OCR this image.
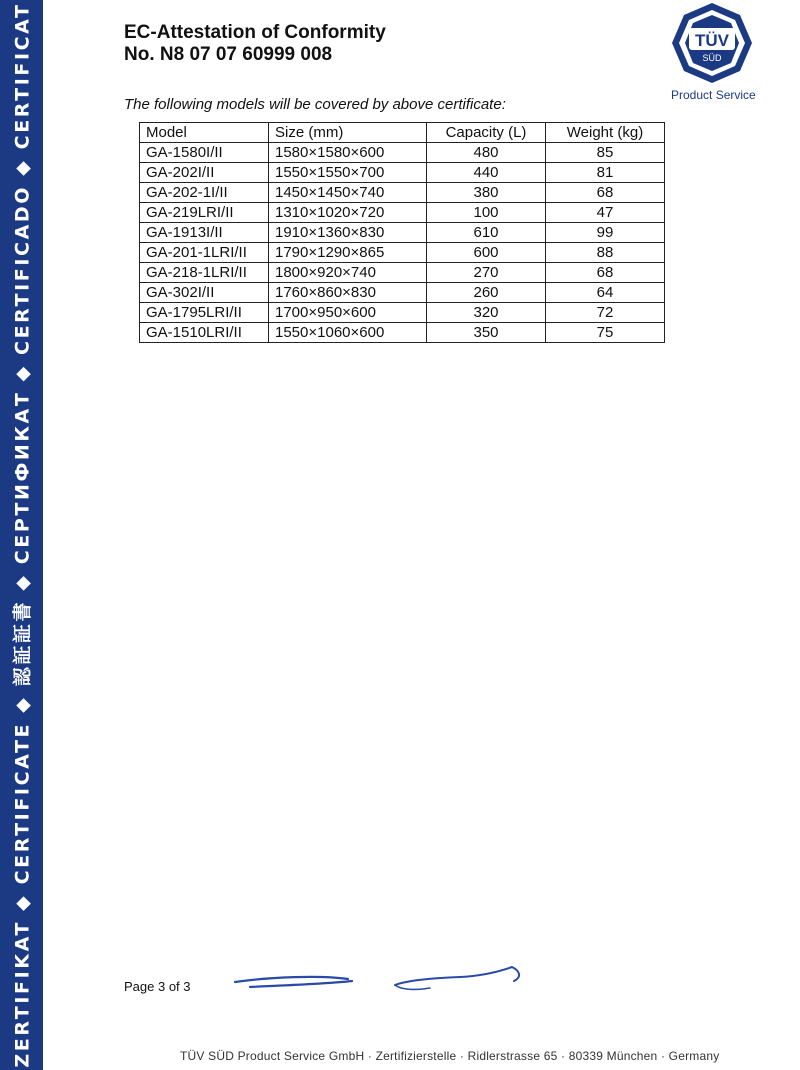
ZERTIFIKAT ◆ CERTIFICATE ◆ 認証証書 ◆ СЕРТИФИКАТ ◆ CERTIFICADO ◆ CERTIFICAT	EC-Attestation of Conformity
No. N8 07 07 60999 008
TÜV
SÜD
Product Service

The following models will be covered by above certificate:

Model	Size (mm)	Capacity (L)	Weight (kg)
GA-1580I/II	1580×1580×600	480	85
GA-202I/II	1550×1550×700	440	81
GA-202-1I/II	1450×1450×740	380	68
GA-219LRI/II	1310×1020×720	100	47
GA-1913I/II	1910×1360×830	610	99
GA-201-1LRI/II	1790×1290×865	600	88
GA-218-1LRI/II	1800×920×740	270	68
GA-302I/II	1760×860×830	260	64
GA-1795LRI/II	1700×950×600	320	72
GA-1510LRI/II	1550×1060×600	350	75
Page 3 of 3
TÜV SÜD Product Service GmbH · Zertifizierstelle · Ridlerstrasse 65 · 80339 München · Germany
